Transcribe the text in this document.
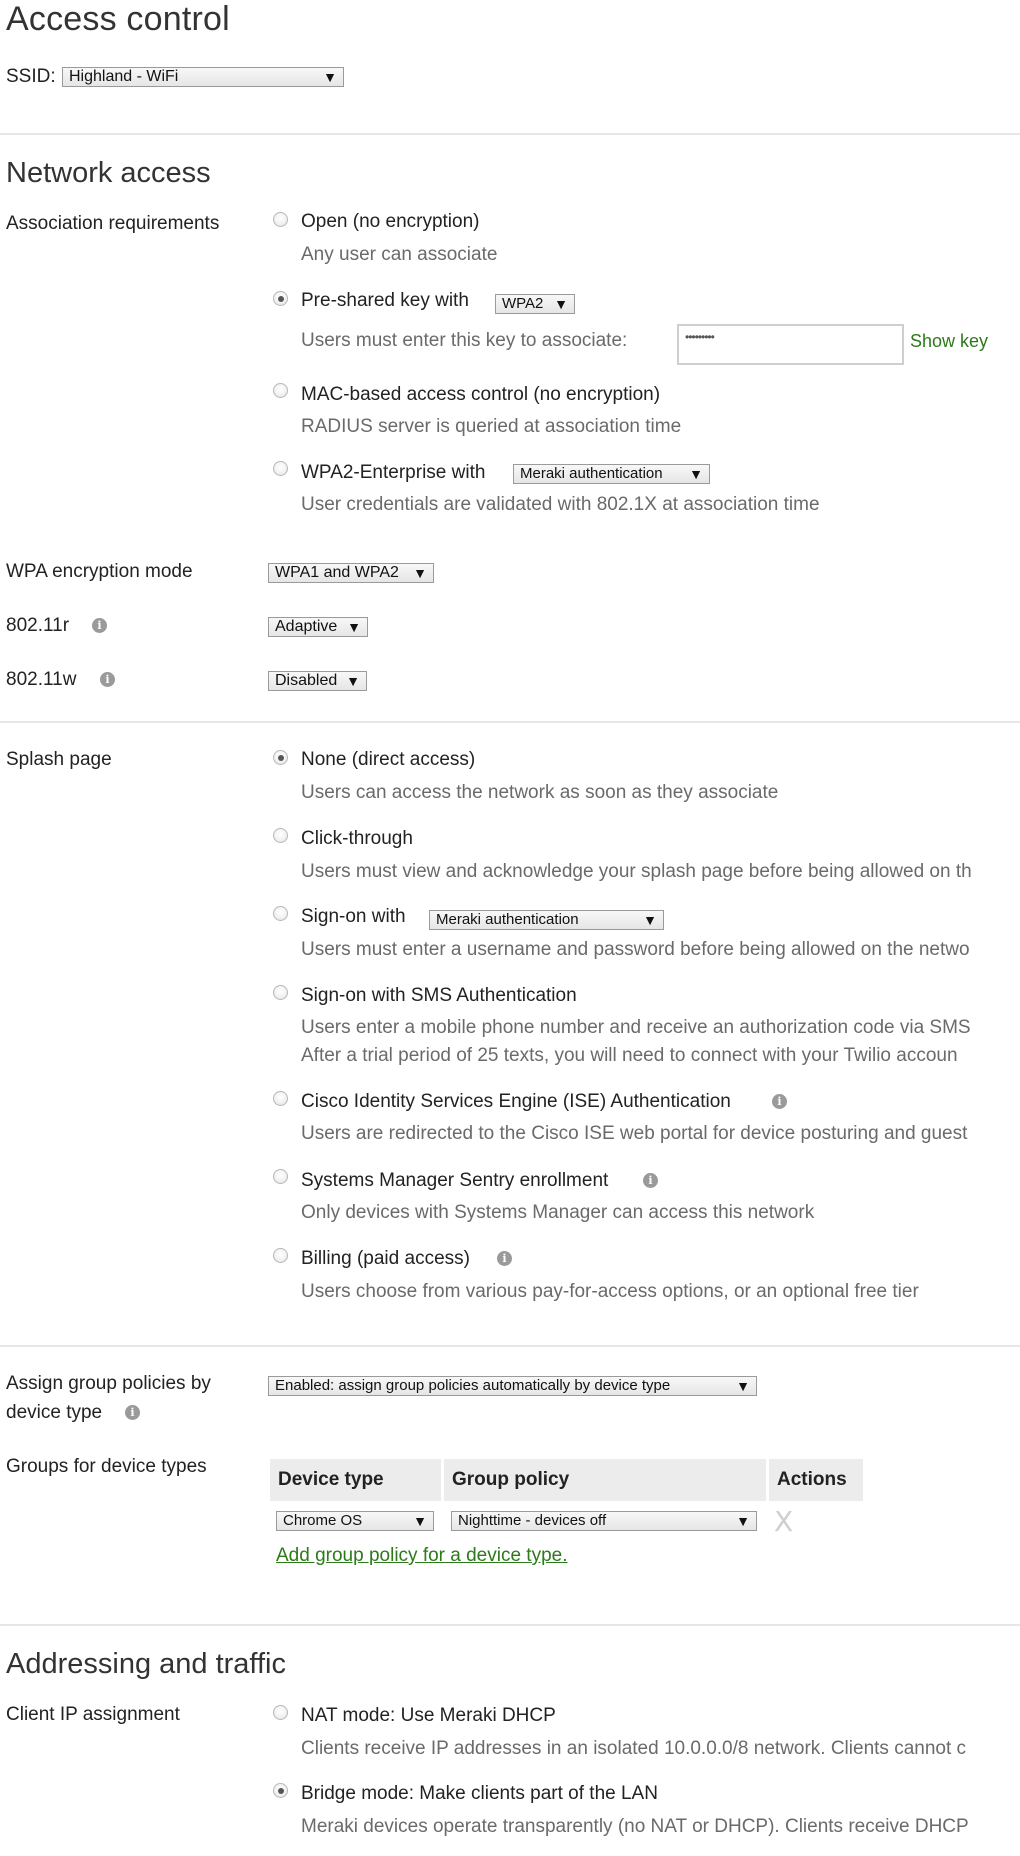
Access control
SSID: Highland - WiFi	▼
Network access
Association requirements	Open (no encryption)
Any user can associate
Pre-shared key with WPA2 ▼
Users must enter this key to associate:	•••••••••	Show key
MAC-based access control (no encryption)
RADIUS server is queried at association time
WPA2-Enterprise with Meraki authentication ▼
User credentials are validated with 802.1X at association time
WPA encryption mode	WPA1 and WPA2 ▼
802.11r	i	Adaptive ▼
802.11w	i	Disabled ▼
Splash page	None (direct access)
Users can access the network as soon as they associate
Click-through
Users must view and acknowledge your splash page before being allowed on th
Sign-on with Meraki authentication	▼
Users must enter a username and password before being allowed on the netwo
Sign-on with SMS Authentication
Users enter a mobile phone number and receive an authorization code via SMS
After a trial period of 25 texts, you will need to connect with your Twilio accoun
Cisco Identity Services Engine (ISE) Authentication	i
Users are redirected to the Cisco ISE web portal for device posturing and guest
Systems Manager Sentry enrollment	i
Only devices with Systems Manager can access this network
Billing (paid access)	i
Users choose from various pay-for-access options, or an optional free tier
Assign group policies by
device type	i
Enabled: assign group policies automatically by device type	▼
Groups for device types
Device type	Group policy	Actions
Chrome OS	▼ Nighttime - devices off	▼ X
Add group policy for a device type.
Addressing and traffic
Client IP assignment	NAT mode: Use Meraki DHCP
Clients receive IP addresses in an isolated 10.0.0.0/8 network. Clients cannot c
Bridge mode: Make clients part of the LAN
Meraki devices operate transparently (no NAT or DHCP). Clients receive DHCP
